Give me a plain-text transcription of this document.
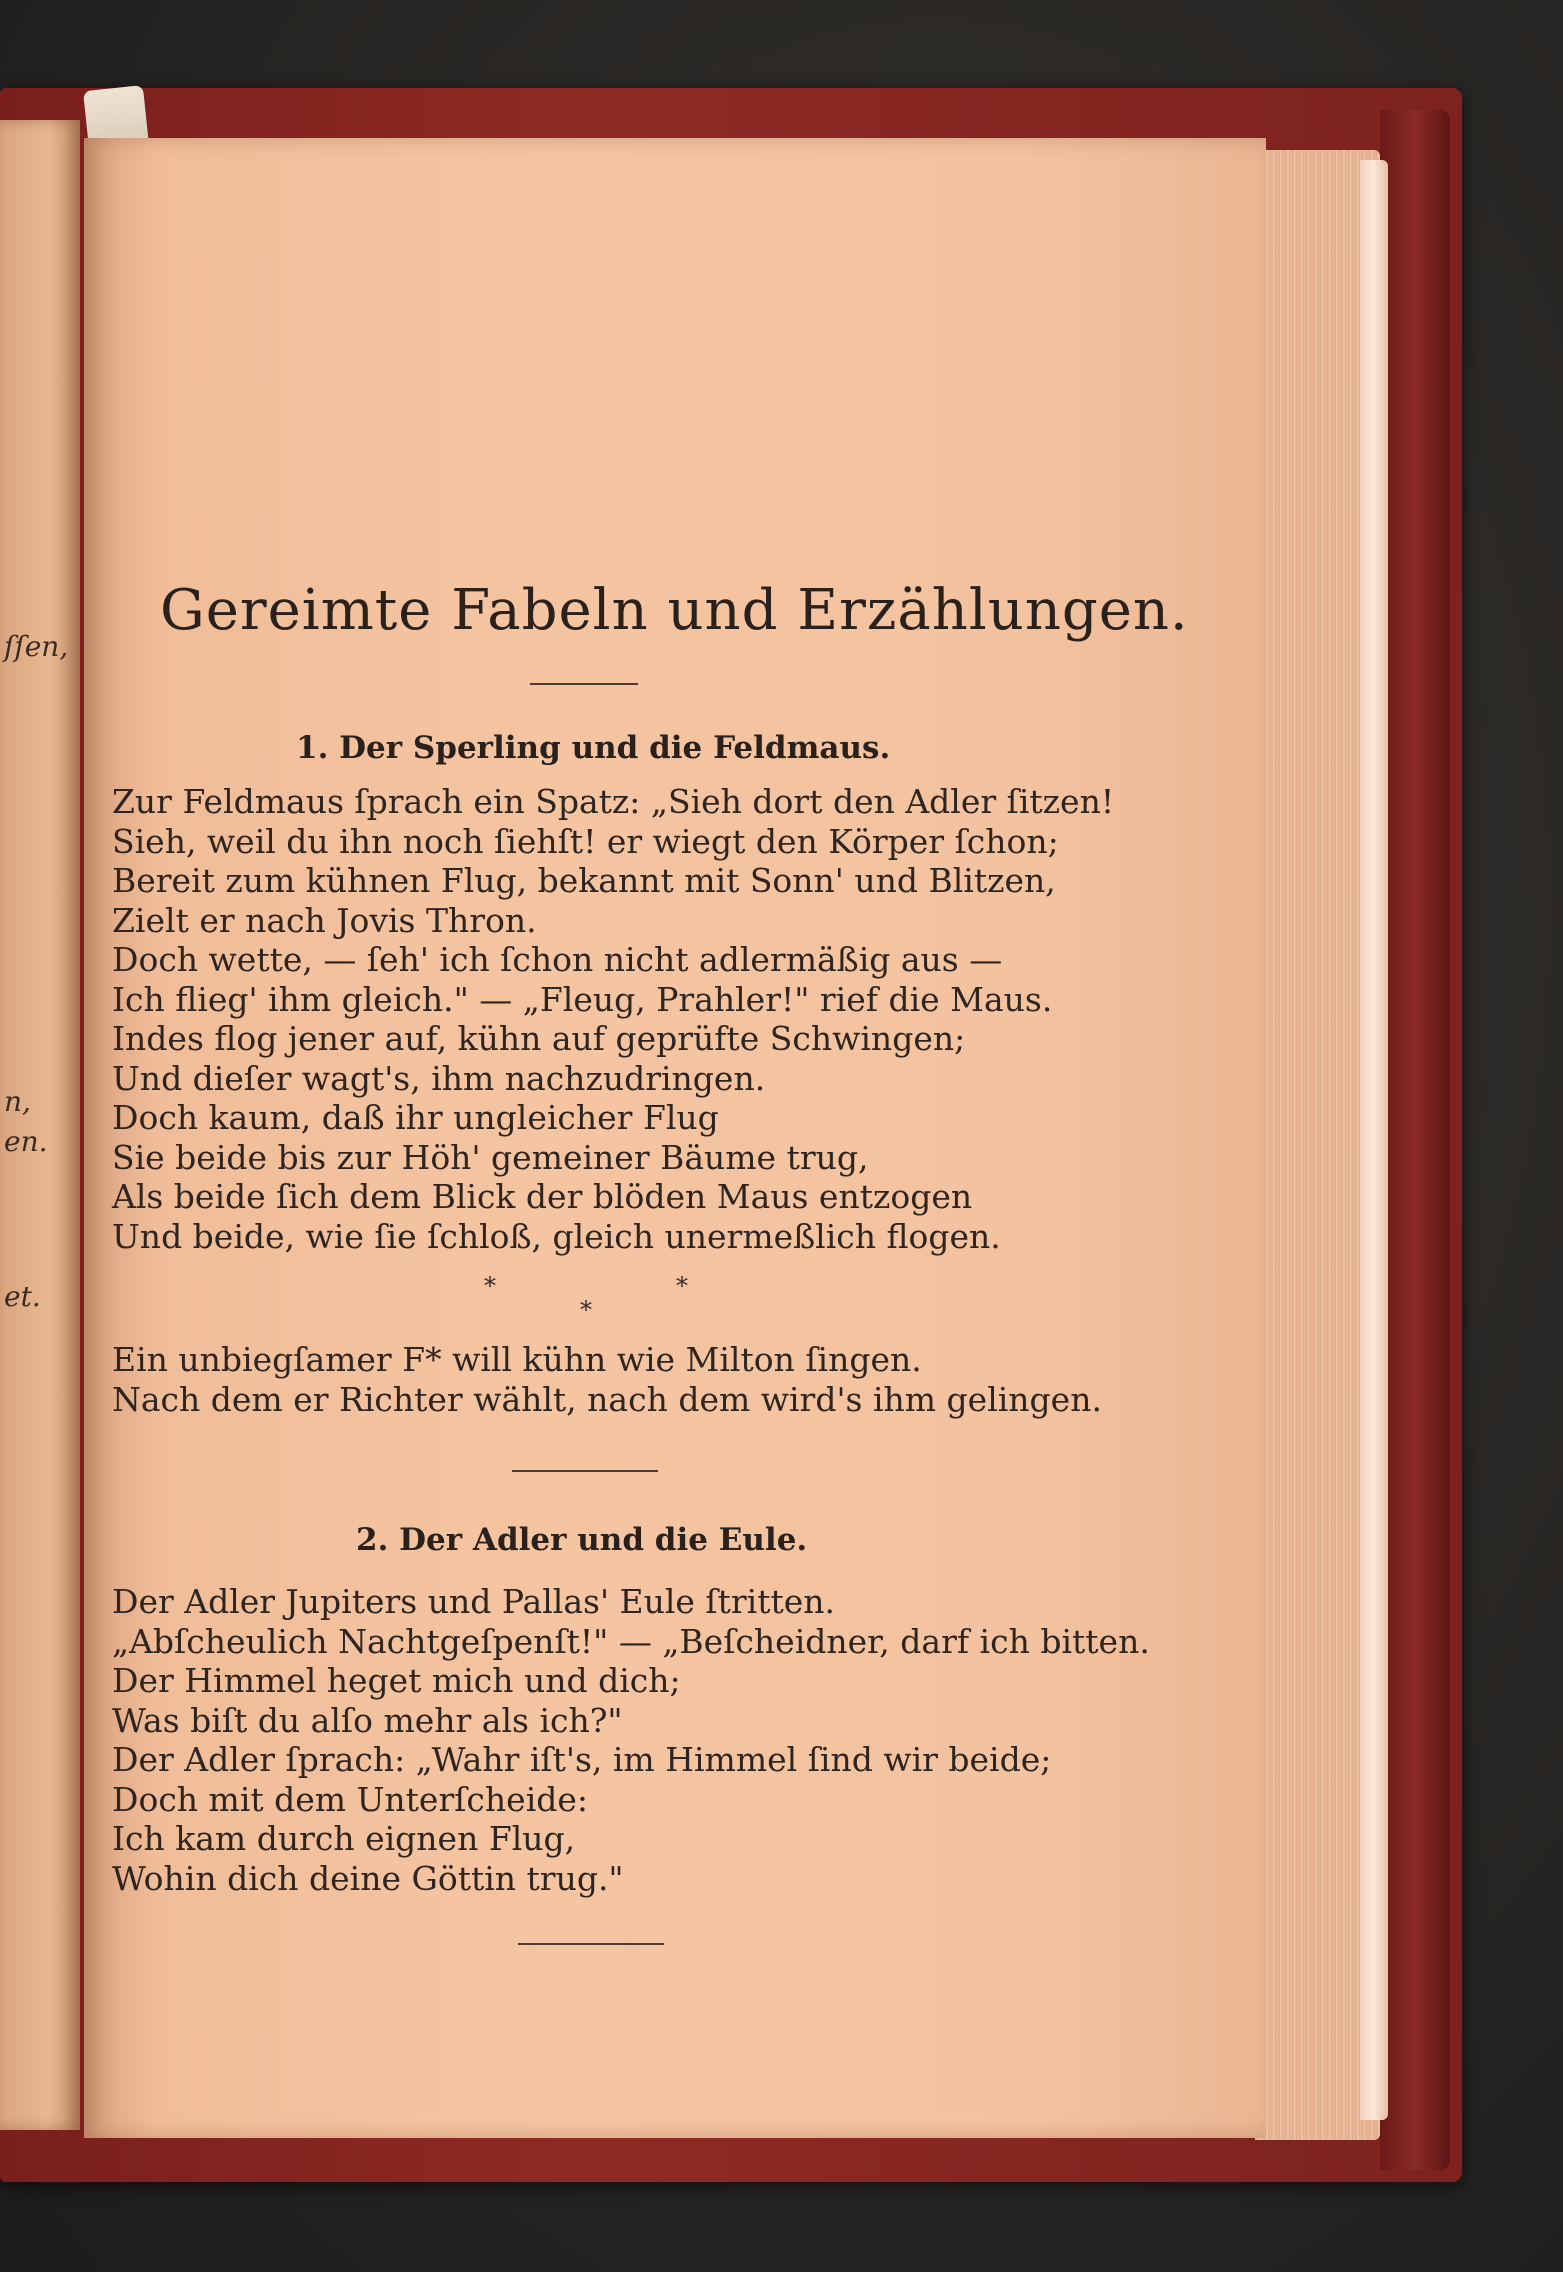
ſſen,
n,
en.
et.
Gereimte Fabeln und Erzählungen.
1. Der Sperling und die Feldmaus.
Zur Feldmaus ſprach ein Spatz: „Sieh dort den Adler ſitzen!
Sieh, weil du ihn noch ſiehſt! er wiegt den Körper ſchon;
Bereit zum kühnen Flug, bekannt mit Sonn' und Blitzen,
Zielt er nach Jovis Thron.
Doch wette, — ſeh' ich ſchon nicht adlermäßig aus —
Ich flieg' ihm gleich." — „Fleug, Prahler!" rief die Maus.
Indes flog jener auf, kühn auf geprüfte Schwingen;
Und dieſer wagt's, ihm nachzudringen.
Doch kaum, daß ihr ungleicher Flug
Sie beide bis zur Höh' gemeiner Bäume trug,
Als beide ſich dem Blick der blöden Maus entzogen
Und beide, wie ſie ſchloß, gleich unermeßlich flogen.
*
*
*
Ein unbiegſamer F* will kühn wie Milton ſingen.
Nach dem er Richter wählt, nach dem wird's ihm gelingen.
2. Der Adler und die Eule.
Der Adler Jupiters und Pallas' Eule ſtritten.
„Abſcheulich Nachtgeſpenſt!" — „Beſcheidner, darf ich bitten.
Der Himmel heget mich und dich;
Was biſt du alſo mehr als ich?"
Der Adler ſprach: „Wahr iſt's, im Himmel ſind wir beide;
Doch mit dem Unterſcheide:
Ich kam durch eignen Flug,
Wohin dich deine Göttin trug."
